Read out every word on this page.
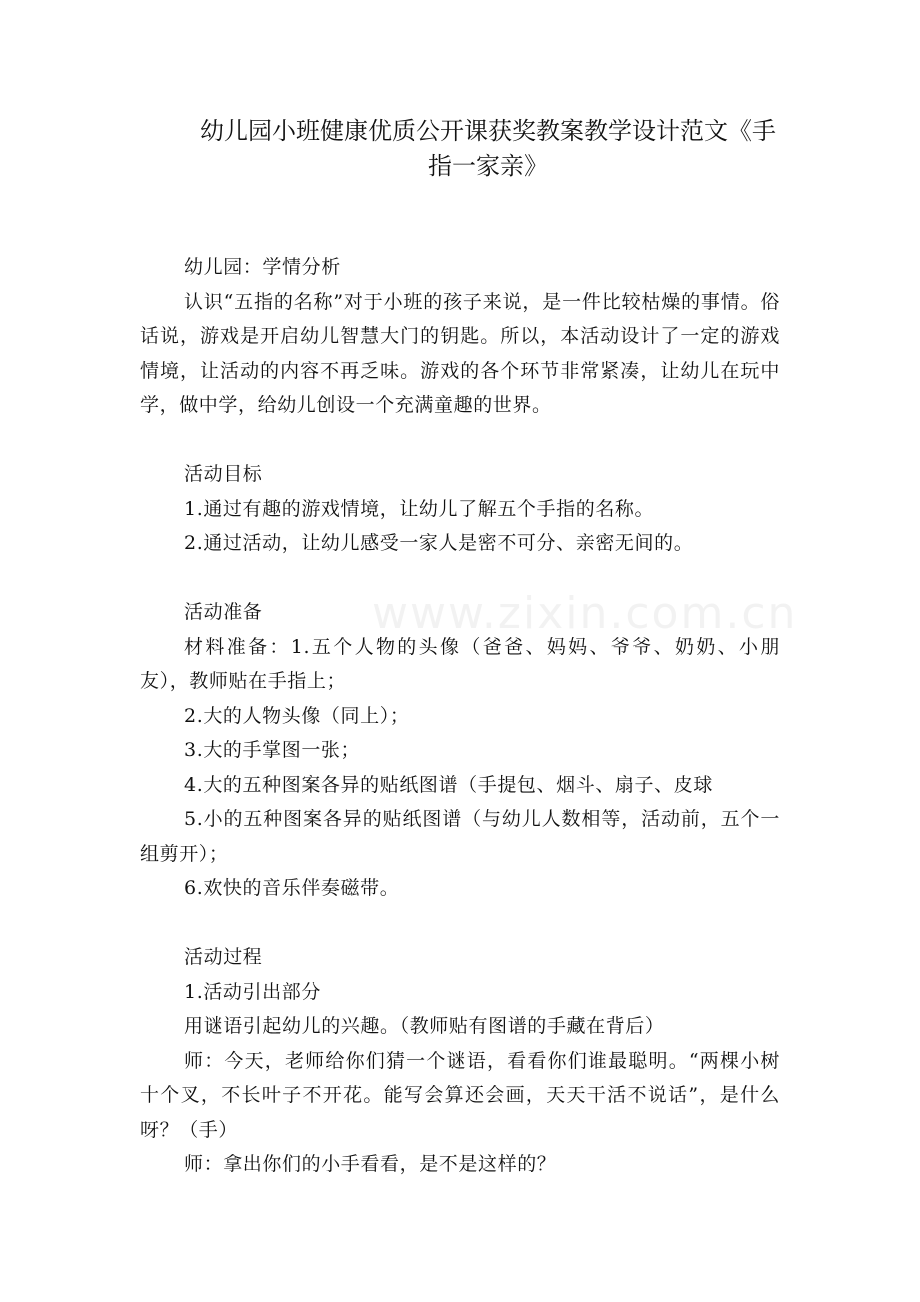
www.zixin.com.cn
幼儿园小班健康优质公开课获奖教案教学设计范文《手
指一家亲》

幼儿园：学情分析

认识“五指的名称”对于小班的孩子来说，是一件比较枯燥的事情。俗话说，游戏是开启幼儿智慧大门的钥匙。所以，本活动设计了一定的游戏情境，让活动的内容不再乏味。游戏的各个环节非常紧凑，让幼儿在玩中学，做中学，给幼儿创设一个充满童趣的世界。

活动目标

1.通过有趣的游戏情境，让幼儿了解五个手指的名称。

2.通过活动，让幼儿感受一家人是密不可分、亲密无间的。

活动准备

材料准备：1.五个人物的头像（爸爸、妈妈、爷爷、奶奶、小朋友），教师贴在手指上；

2.大的人物头像（同上）；

3.大的手掌图一张；

4.大的五种图案各异的贴纸图谱（手提包、烟斗、扇子、皮球

5.小的五种图案各异的贴纸图谱（与幼儿人数相等，活动前，五个一组剪开）；

6.欢快的音乐伴奏磁带。

活动过程

1.活动引出部分

用谜语引起幼儿的兴趣。（教师贴有图谱的手藏在背后）

师：今天，老师给你们猜一个谜语，看看你们谁最聪明。“两棵小树十个叉，不长叶子不开花。能写会算还会画，天天干活不说话”，是什么呀？（手）

师：拿出你们的小手看看，是不是这样的？
